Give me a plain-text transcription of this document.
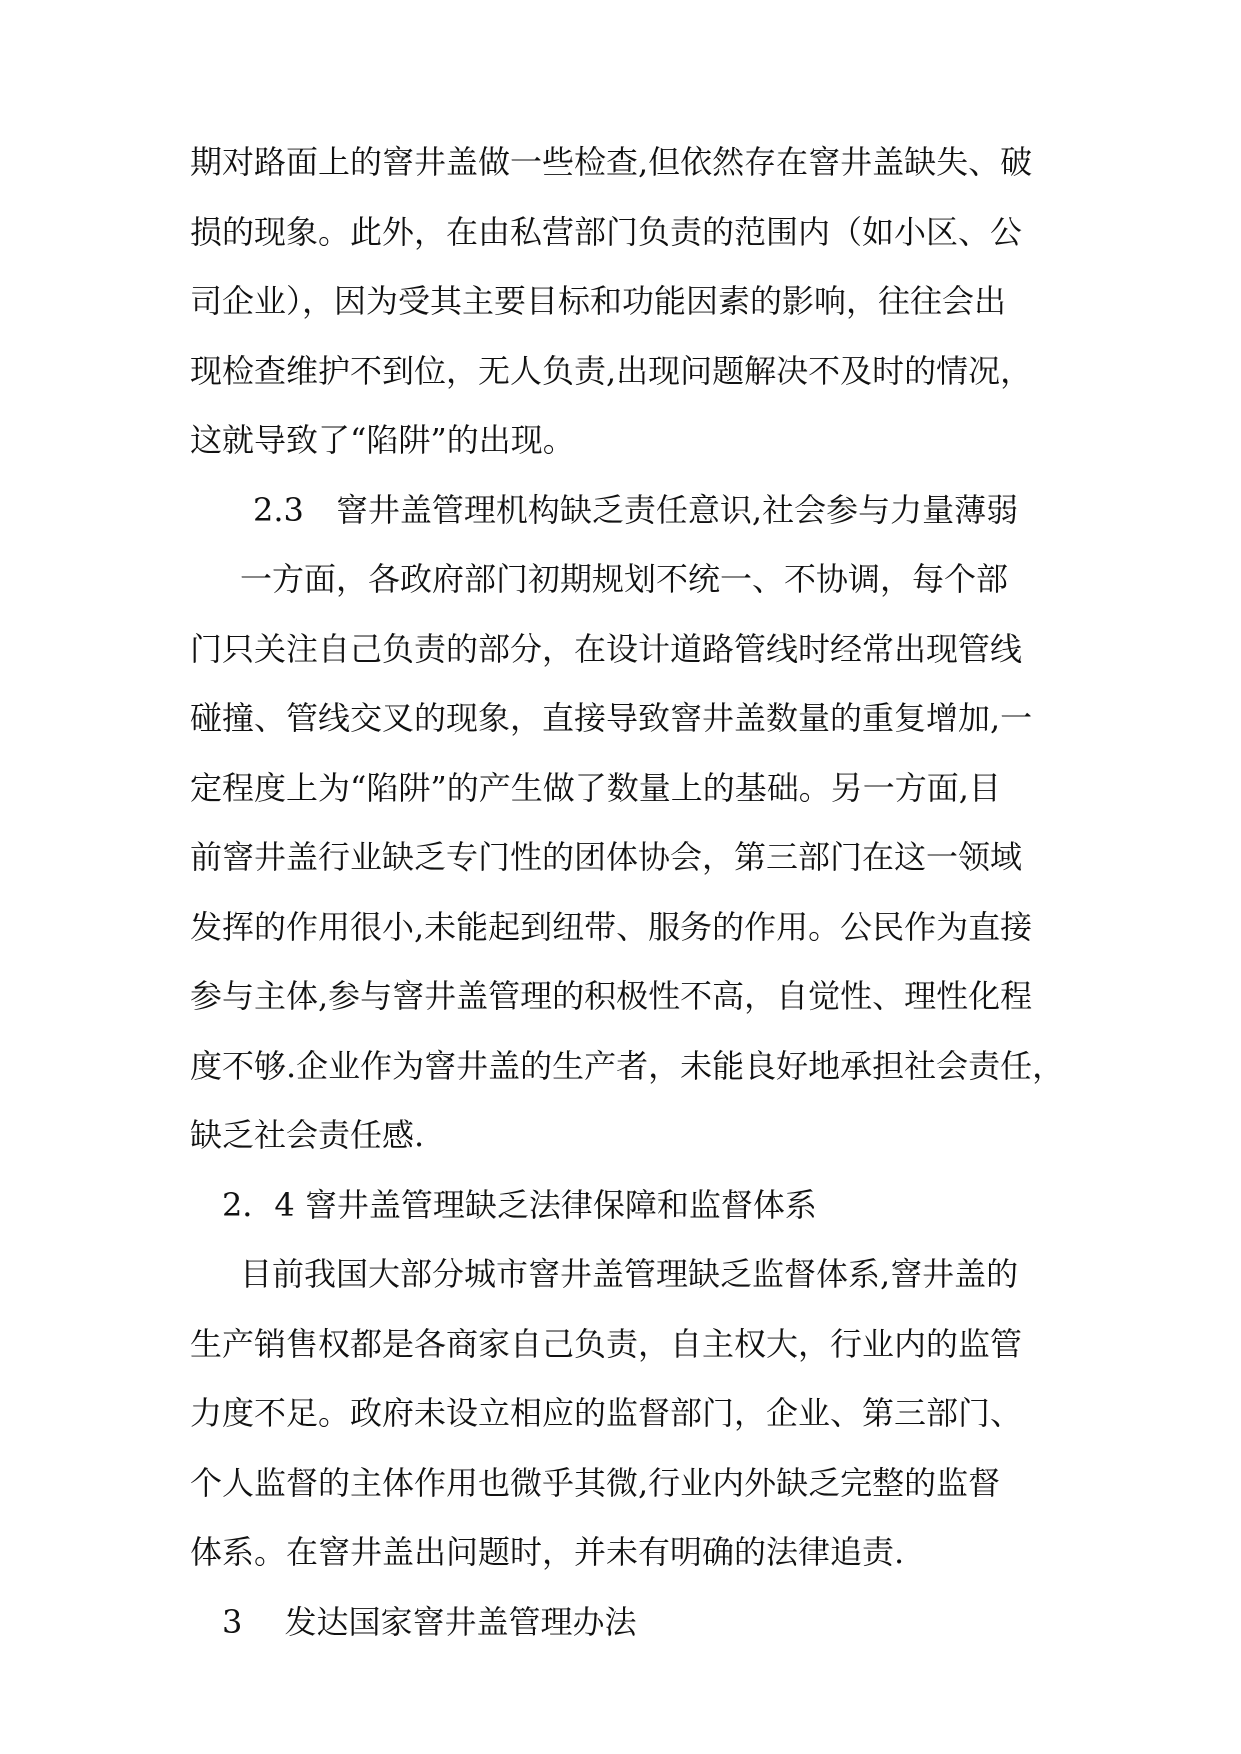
期对路面上的窨井盖做一些检查,但依然存在窨井盖缺失、破
损的现象。此外，在由私营部门负责的范围内（如小区、公
司企业），因为受其主要目标和功能因素的影响，往往会出
现检查维护不到位，无人负责,出现问题解决不及时的情况，
这就导致了“陷阱”的出现。
2.3　窨井盖管理机构缺乏责任意识,社会参与力量薄弱
一方面，各政府部门初期规划不统一、不协调，每个部
门只关注自己负责的部分，在设计道路管线时经常出现管线
碰撞、管线交叉的现象，直接导致窨井盖数量的重复增加,一
定程度上为“陷阱”的产生做了数量上的基础。另一方面,目
前窨井盖行业缺乏专门性的团体协会，第三部门在这一领域
发挥的作用很小,未能起到纽带、服务的作用。公民作为直接
参与主体,参与窨井盖管理的积极性不高，自觉性、理性化程
度不够.企业作为窨井盖的生产者，未能良好地承担社会责任，
缺乏社会责任感.
2．4 窨井盖管理缺乏法律保障和监督体系
目前我国大部分城市窨井盖管理缺乏监督体系,窨井盖的
生产销售权都是各商家自己负责，自主权大，行业内的监管
力度不足。政府未设立相应的监督部门，企业、第三部门、
个人监督的主体作用也微乎其微,行业内外缺乏完整的监督
体系。在窨井盖出问题时，并未有明确的法律追责.
3　 发达国家窨井盖管理办法
